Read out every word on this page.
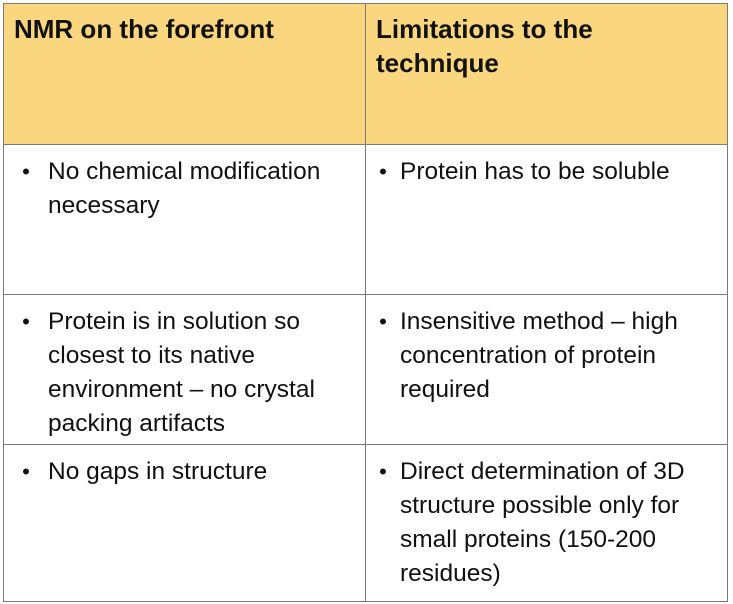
NMR on the forefront	Limitations to the technique

• No chemical modification necessary	• Protein has to be soluble

• Protein is in solution so closest to its native environment – no crystal packing artifacts	• Insensitive method – high concentration of protein required

• No gaps in structure	• Direct determination of 3D structure possible only for small proteins (150-200 residues)
